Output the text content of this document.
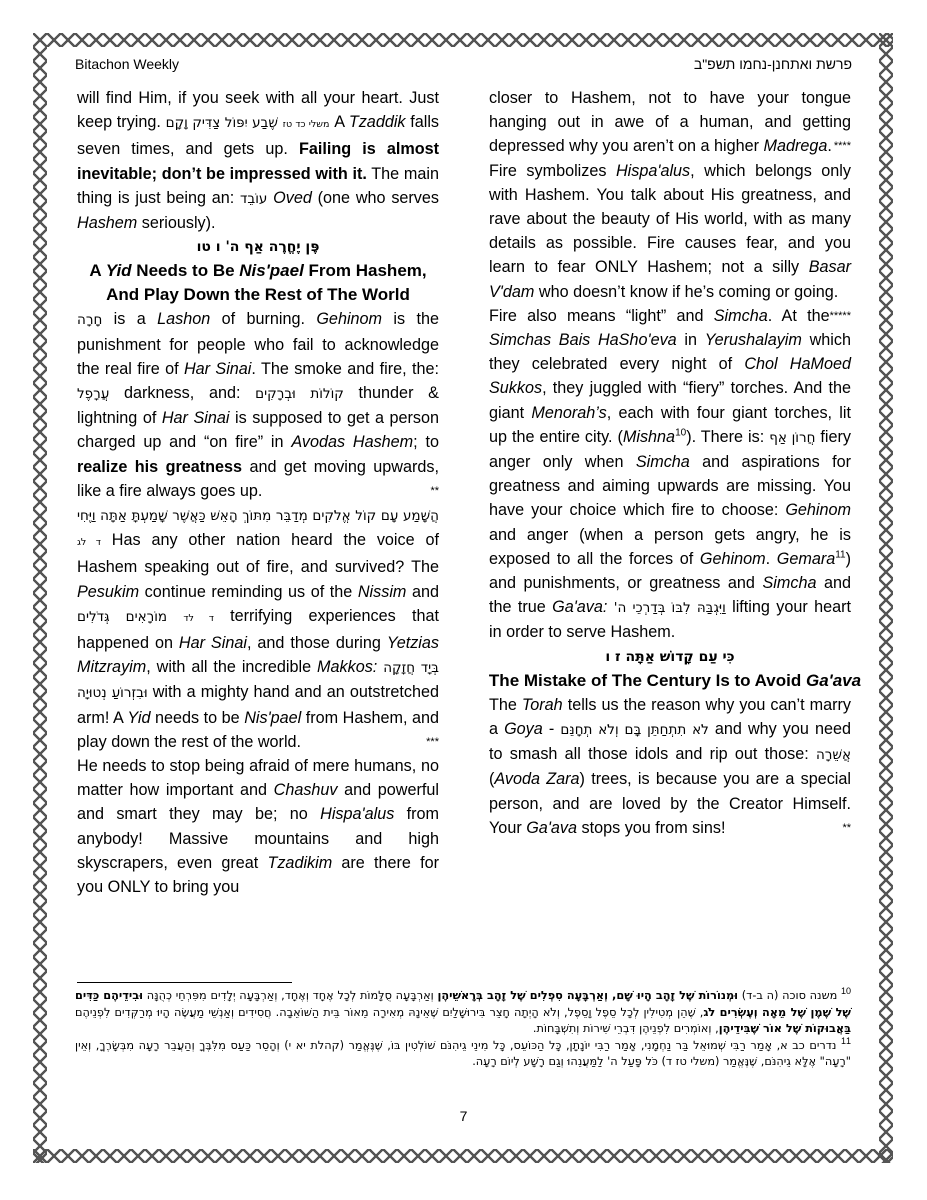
Bitachon Weekly	פרשת ואתחנן-נחמו תשפ"ב

will find Him, if you seek with all your heart. Just keep trying. שֶׁבַע יִפּוֹל צַדִּיק וָקָם משלי כד טז A Tzaddik falls seven times, and gets up. Failing is almost inevitable; don’t be impressed with it. The main thing is just being an: עוֹבֵד Oved (one who serves Hashem seriously).

פֶּן יֶחֱרֶה אַף ה' ו טו
A Yid Needs to Be Nis'pael From Hashem, And Play Down the Rest of The World

חָרָה is a Lashon of burning. Gehinom is the punishment for people who fail to acknowledge the real fire of Har Sinai. The smoke and fire, the: עֲרָפֶל darkness, and: קוֹלוֹת וּבְרָקִים thunder & lightning of Har Sinai is supposed to get a person charged up and “on fire” in Avodas Hashem; to realize his greatness and get moving upwards, like a fire always goes up.	**

הֲשָׁמַע עָם קוֹל אֱלֹקִים מְדַבֵּר מִתּוֹךְ הָאֵשׁ כַּאֲשֶׁר שָׁמַעְתָּ אַתָּה וַיֶּחִי ד לג Has any other nation heard the voice of Hashem speaking out of fire, and survived? The Pesukim continue reminding us of the Nissim and מוֹרָאִים גְּדֹלִים ד לד terrifying experiences that happened on Har Sinai, and those during Yetzias Mitzrayim, with all the incredible Makkos: בְּיָד חֲזָקָה וּבִזְרוֹעַ נְטוּיָה with a mighty hand and an outstretched arm! A Yid needs to be Nis'pael from Hashem, and play down the rest of the world.	***

He needs to stop being afraid of mere humans, no matter how important and Chashuv and powerful and smart they may be; no Hispa'alus from anybody! Massive mountains and high skyscrapers, even great Tzadikim are there for you ONLY to bring you

closer to Hashem, not to have your tongue hanging out in awe of a human, and getting depressed why you aren’t on a higher Madrega. ****

Fire symbolizes Hispa'alus, which belongs only with Hashem. You talk about His greatness, and rave about the beauty of His world, with as many details as possible. Fire causes fear, and you learn to fear ONLY Hashem; not a silly Basar V'dam who doesn’t know if he’s coming or going.
*****

Fire also means “light” and Simcha. At the Simchas Bais HaSho'eva in Yerushalayim which they celebrated every night of Chol HaMoed Sukkos, they juggled with “fiery” torches. And the giant Menorah’s, each with four giant torches, lit up the entire city. (Mishna$^{10}$). There is: חֲרוֹן אַף fiery anger only when Simcha and aspirations for greatness and aiming upwards are missing. You have your choice which fire to choose: Gehinom and anger (when a person gets angry, he is exposed to all the forces of Gehinom. Gemara$^{11}$) and punishments, or greatness and Simcha and the true Ga'ava: וַיִּגְבַּהּ לִבּוֹ בְּדַרְכֵי ה' lifting your heart in order to serve Hashem.

כִּי עַם קָדוֹשׁ אַתָּה ז ו
The Mistake of The Century Is to Avoid Ga'ava

The Torah tells us the reason why you can’t marry a Goya - לֹא תִתְחַתֵּן בָּם וְלֹא תְחָנֵּם and why you need to smash all those idols and rip out those: אֲשֵׁרָה (Avoda Zara) trees, is because you are a special person, and are loved by the Creator Himself. Your Ga'ava stops you from sins!	**

$^{10}$ משנה סוכה (ה ב-ד) וּמְנוֹרוֹת שֶׁל זָהָב הָיוּ שָׁם, וְאַרְבָּעָה סִפְלִים שֶׁל זָהָב בְּרָאשֵׁיהֶן וְאַרְבָּעָה סֻלָּמוֹת לְכָל אֶחָד וְאֶחָד, וְאַרְבָּעָה יְלָדִים מִפִּרְחֵי כְהֻנָּה וּבִידֵיהֶם כַּדִּים שֶׁל שֶׁמֶן שֶׁל מֵאָה וְעֶשְׂרִים לֹג, שֶׁהֵן מְטִילִין לְכָל סֵפֶל וָסֵפֶל, וְלֹא הָיְתָה חָצֵר בִּירוּשָׁלַיִם שֶׁאֵינָהּ מְאִירָה מֵאוֹר בֵּית הַשּׁוֹאֵבָה. חֲסִידִים וְאַנְשֵׁי מַעֲשֶׂה הָיוּ מְרַקְּדִים לִפְנֵיהֶם בַּאֲבוּקוֹת שֶׁל אוֹר שֶׁבִּידֵיהֶן, וְאוֹמְרִים לִפְנֵיהֶן דִּבְרֵי שִׁירוֹת וְתִשְׁבָּחוֹת.

$^{11}$ נדרים כב א, אָמַר רַבִּי שְׁמוּאֵל בַּר נַחְמָנִי, אָמַר רַבִּי יוֹנָתָן, כָּל הַכּוֹעֵס, כָּל מִינֵי גֵיהִנֹּם שׁוֹלְטִין בּוֹ, שֶׁנֶּאֱמַר (קהלת יא י) וְהָסֵר כַּעַס מִלִּבֶּךָ וְהַעֲבֵר רָעָה מִבְּשָׂרֶךָ, וְאֵין "רָעָה" אֶלָּא גֵיהִנֹּם, שֶׁנֶּאֱמַר (משלי טז ד) כֹּל פָּעַל ה' לַמַּעֲנֵהוּ וְגַם רָשָׁע לְיוֹם רָעָה.

7
